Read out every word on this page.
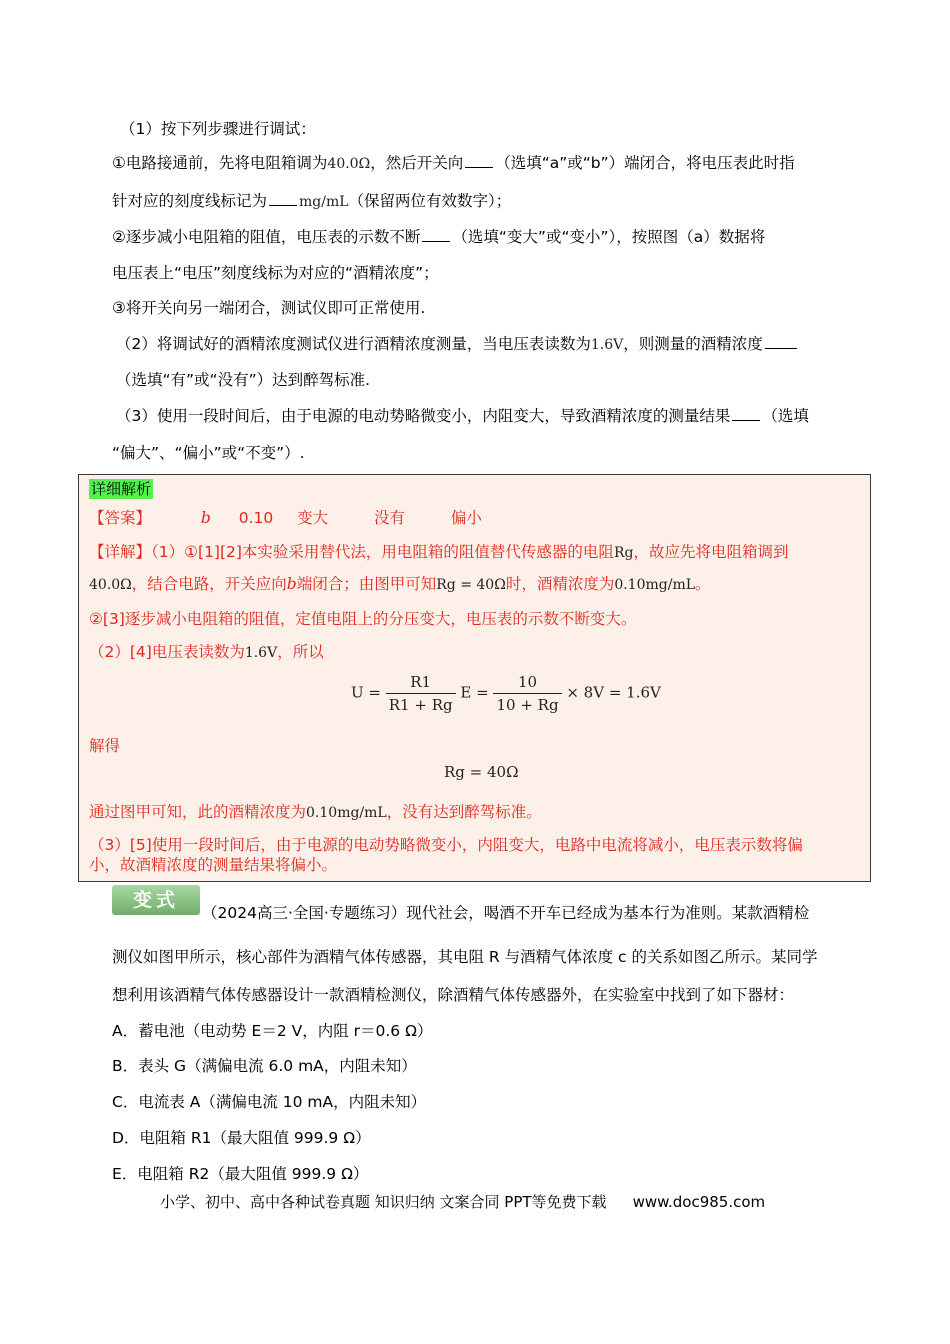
（1）按下列步骤进行调试：
①电路接通前，先将电阻箱调为40.0Ω，然后开关向 （选填“a”或“b”）端闭合，将电压表此时指
针对应的刻度线标记为 mg/mL（保留两位有效数字）；
②逐步减小电阻箱的阻值，电压表的示数不断 （选填“变大”或“变小”），按照图（a）数据将
电压表上“电压”刻度线标为对应的“酒精浓度”；
③将开关向另一端闭合，测试仪即可正常使用.
（2）将调试好的酒精浓度测试仪进行酒精浓度测量，当电压表读数为1.6V，则测量的酒精浓度
（选填“有”或“没有”）达到醉驾标准.
（3）使用一段时间后，由于电源的电动势略微变小，内阻变大，导致酒精浓度的测量结果 （选填
“偏大”、“偏小”或“不变”）.
详细解析
【答案】	b 0.10 变大	没有	偏小
【详解】（1）①[1][2]本实验采用替代法，用电阻箱的阻值替代传感器的电阻Rg，故应先将电阻箱调到
40.0Ω，结合电路，开关应向b端闭合；由图甲可知Rg = 40Ω时，酒精浓度为0.10mg/mL。
②[3]逐步减小电阻箱的阻值，定值电阻上的分压变大，电压表的示数不断变大。
（2）[4]电压表读数为1.6V，所以
$U = \frac{R1}{R1 + Rg}$ $E = \frac{10}{10 + Rg} \times 8V = 1.6V$
解得
Rg = 40Ω
通过图甲可知，此的酒精浓度为0.10mg/mL，没有达到醉驾标准。
（3）[5]使用一段时间后，由于电源的电动势略微变小，内阻变大，电路中电流将减小，电压表示数将偏
小，故酒精浓度的测量结果将偏小。
变式
（2024高三·全国·专题练习）现代社会，喝酒不开车已经成为基本行为准则。某款酒精检
测仪如图甲所示，核心部件为酒精气体传感器，其电阻 R 与酒精气体浓度 c 的关系如图乙所示。某同学
想利用该酒精气体传感器设计一款酒精检测仪，除酒精气体传感器外，在实验室中找到了如下器材：
A．蓄电池（电动势 E＝2 V，内阻 r＝0.6 Ω）
B．表头 G（满偏电流 6.0 mA，内阻未知）
C．电流表 A（满偏电流 10 mA，内阻未知）
D．电阻箱 R1（最大阻值 999.9 Ω）
E．电阻箱 R2（最大阻值 999.9 Ω）
小学、初中、高中各种试卷真题 知识归纳 文案合同 PPT等免费下载 www.doc985.com
